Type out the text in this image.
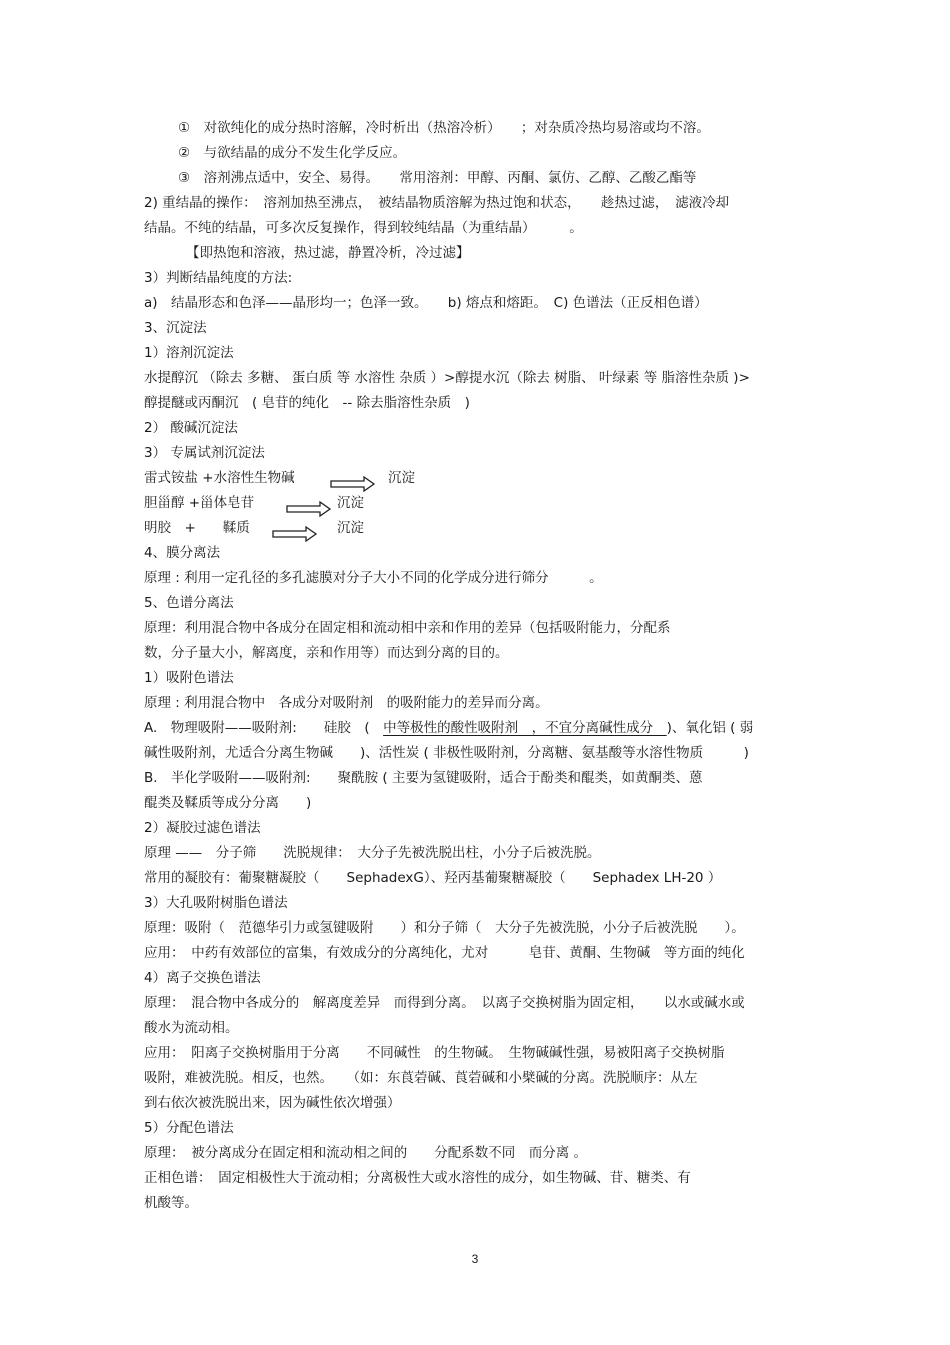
①　对欲纯化的成分热时溶解，冷时析出（热溶冷析）　　；对杂质冷热均易溶或均不溶。
②　与欲结晶的成分不发生化学反应。
③　溶剂沸点适中，安全、易得。　　常用溶剂：甲醇、丙酮、氯仿、乙醇、乙酸乙酯等
2) 重结晶的操作：　溶剂加热至沸点，　被结晶物质溶解为热过饱和状态，　　趁热过滤，　滤液冷却
结晶。不纯的结晶，可多次反复操作，得到较纯结晶（为重结晶）　　　。
【即热饱和溶液，热过滤，静置冷析，冷过滤】
3）判断结晶纯度的方法:
a)　结晶形态和色泽——晶形均一；色泽一致。　　b) 熔点和熔距。　C) 色谱法（正反相色谱）
3、沉淀法
1）溶剂沉淀法
水提醇沉 （除去 多糖、 蛋白质 等 水溶性 杂质 ）>醇提水沉（除去 树脂、 叶绿素 等 脂溶性杂质 )>
醇提醚或丙酮沉　( 皂苷的纯化　-- 除去脂溶性杂质　)
2） 酸碱沉淀法
3） 专属试剂沉淀法
雷式铵盐 +水溶性生物碱	沉淀
胆甾醇 +甾体皂苷	沉淀
明胶　+　　鞣质	沉淀
4、膜分离法
原理 : 利用一定孔径的多孔滤膜对分子大小不同的化学成分进行筛分　　　。
5、色谱分离法
原理：利用混合物中各成分在固定相和流动相中亲和作用的差异（包括吸附能力，分配系
数，分子量大小，解离度，亲和作用等）而达到分离的目的。
1）吸附色谱法
原理 : 利用混合物中　各成分对吸附剂　的吸附能力的差异而分离。
A.　物理吸附——吸附剂:　　硅胶　(　中等极性的酸性吸附剂　，不宜分离碱性成分　)、氧化铝 ( 弱
碱性吸附剂，尤适合分离生物碱　　)、活性炭 ( 非极性吸附剂，分离糖、氨基酸等水溶性物质　　　)
B.　半化学吸附——吸附剂:　　聚酰胺 ( 主要为氢键吸附，适合于酚类和醌类，如黄酮类、蒽
醌类及鞣质等成分分离　　)
2）凝胶过滤色谱法
原理 ——　分子筛　　洗脱规律：　大分子先被洗脱出柱，小分子后被洗脱。
常用的凝胶有：葡聚糖凝胶（　　SephadexG）、羟丙基葡聚糖凝胶（　　Sephadex LH-20 ）
3）大孔吸附树脂色谱法
原理：吸附（　范德华引力或氢键吸附　　）和分子筛（　大分子先被洗脱，小分子后被洗脱　　）。
应用：　中药有效部位的富集，有效成分的分离纯化，尤对　　　皂苷、黄酮、生物碱　等方面的纯化
4）离子交换色谱法
原理：　混合物中各成分的　解离度差异　而得到分离。　以离子交换树脂为固定相，　　以水或碱水或
酸水为流动相。
应用：　阳离子交换树脂用于分离　　不同碱性　的生物碱。　生物碱碱性强，易被阳离子交换树脂
吸附，难被洗脱。相反，也然。　　（如：东莨菪碱、莨菪碱和小檗碱的分离。洗脱顺序：从左
到右依次被洗脱出来，因为碱性依次增强）
5）分配色谱法
原理：　被分离成分在固定相和流动相之间的　　分配系数不同　而分离 。
正相色谱：　固定相极性大于流动相；分离极性大或水溶性的成分，如生物碱、苷、糖类、有
机酸等。
3
